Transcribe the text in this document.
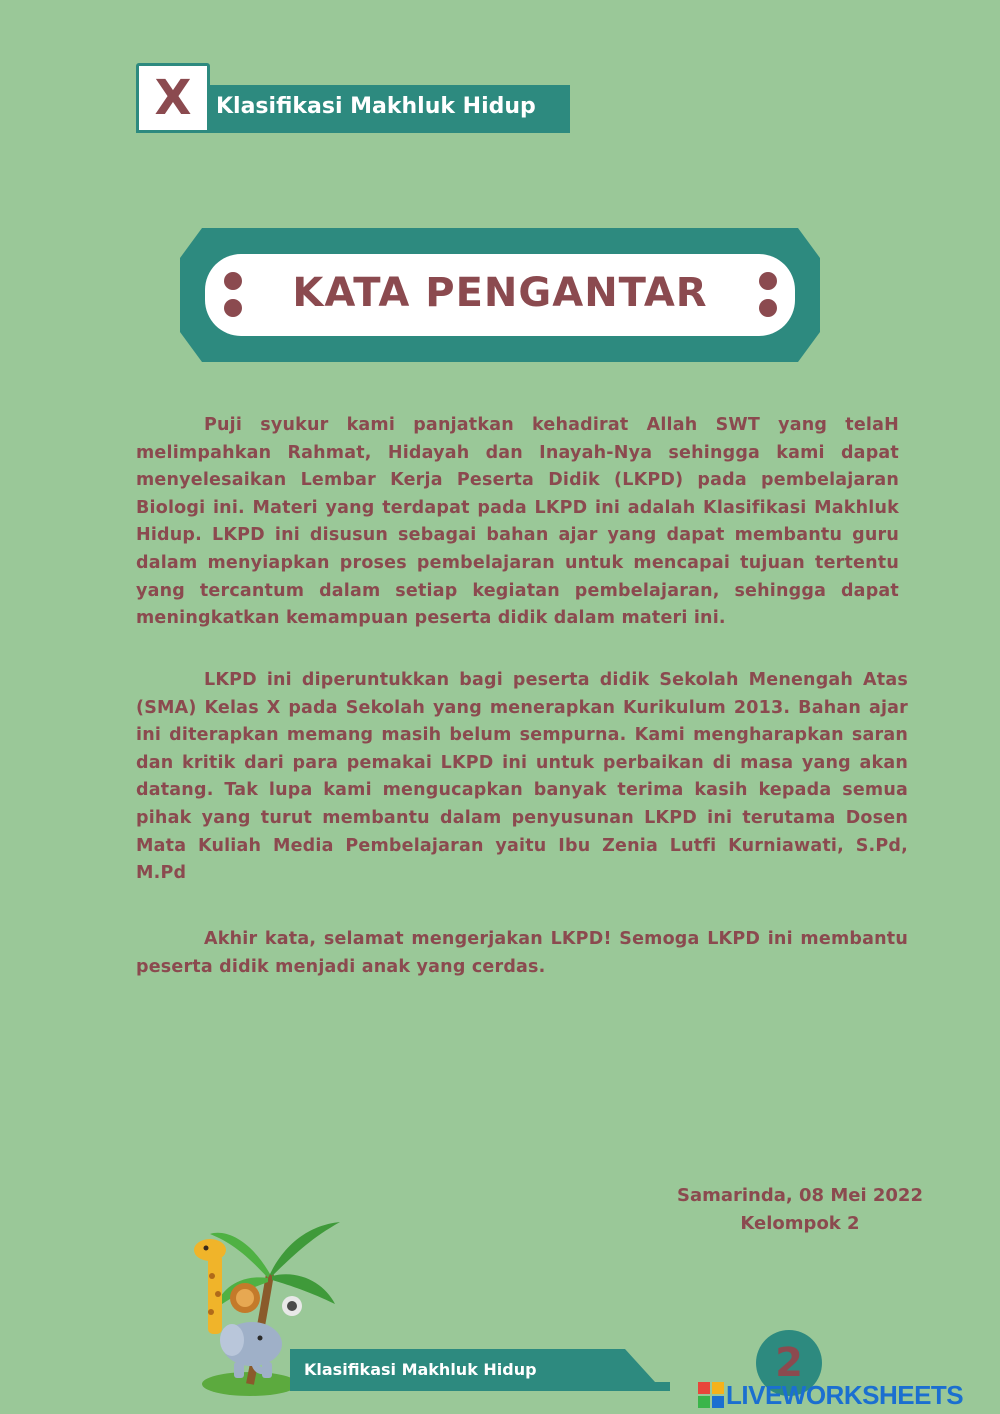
X	Klasifikasi Makhluk Hidup
KATA PENGANTAR

Puji syukur kami panjatkan kehadirat Allah SWT yang telaH melimpahkan Rahmat, Hidayah dan Inayah-Nya sehingga kami dapat menyelesaikan Lembar Kerja Peserta Didik (LKPD) pada pembelajaran Biologi ini. Materi yang terdapat pada LKPD ini adalah Klasifikasi Makhluk Hidup. LKPD ini disusun sebagai bahan ajar yang dapat membantu guru dalam menyiapkan proses pembelajaran untuk mencapai tujuan tertentu yang tercantum dalam setiap kegiatan pembelajaran, sehingga dapat meningkatkan kemampuan peserta didik dalam materi ini.

LKPD ini diperuntukkan bagi peserta didik Sekolah Menengah Atas (SMA) Kelas X pada Sekolah yang menerapkan Kurikulum 2013. Bahan ajar ini diterapkan memang masih belum sempurna. Kami mengharapkan saran dan kritik dari para pemakai LKPD ini untuk perbaikan di masa yang akan datang. Tak lupa kami mengucapkan banyak terima kasih kepada semua pihak yang turut membantu dalam penyusunan LKPD ini terutama Dosen Mata Kuliah Media Pembelajaran yaitu Ibu Zenia Lutfi Kurniawati, S.Pd, M.Pd

Akhir kata, selamat mengerjakan LKPD! Semoga LKPD ini membantu peserta didik menjadi anak yang cerdas.

Samarinda, 08 Mei 2022
Kelompok 2
Klasifikasi Makhluk Hidup	2
LIVEWORKSHEETS
